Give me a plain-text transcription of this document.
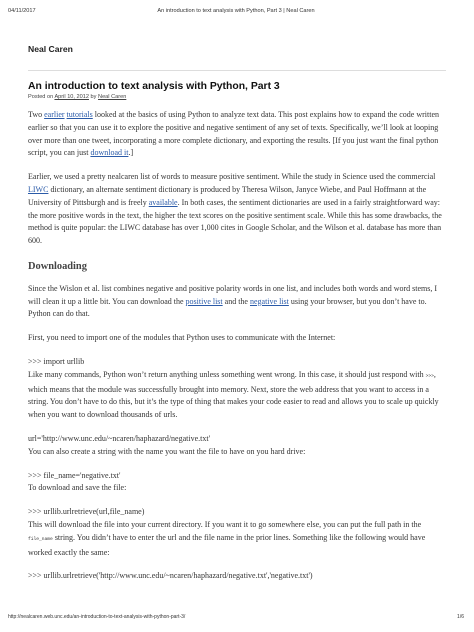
04/11/2017	An introduction to text analysis with Python, Part 3 | Neal Caren
Neal Caren
An introduction to text analysis with Python, Part 3
Posted on April 10, 2012 by Neal Caren

Two earlier tutorials looked at the basics of using Python to analyze text data. This post explains how to expand the code written earlier so that you can use it to explore the positive and negative sentiment of any set of texts. Specifically, we’ll look at looping over more than one tweet, incorporating a more complete dictionary, and exporting the results. [If you just want the final python script, you can just download it.]

Earlier, we used a pretty nealcaren list of words to measure positive sentiment. While the study in Science used the commercial LIWC dictionary, an alternate sentiment dictionary is produced by Theresa Wilson, Janyce Wiebe, and Paul Hoffmann at the University of Pittsburgh and is freely available. In both cases, the sentiment dictionaries are used in a fairly straightforward way: the more positive words in the text, the higher the text scores on the positive sentiment scale. While this has some drawbacks, the method is quite popular: the LIWC database has over 1,000 cites in Google Scholar, and the Wilson et al. database has more than 600.

Downloading

Since the Wislon et al. list combines negative and positive polarity words in one list, and includes both words and word stems, I will clean it up a little bit. You can download the positive list and the negative list using your browser, but you don’t have to. Python can do that.

First, you need to import one of the modules that Python uses to communicate with the Internet:

>>> import urllib

Like many commands, Python won’t return anything unless something went wrong. In this case, it should just respond with >>>, which means that the module was successfully brought into memory. Next, store the web address that you want to access in a string. You don’t have to do this, but it’s the type of thing that makes your code easier to read and allows you to scale up quickly when you want to download thousands of urls.

url='http://www.unc.edu/~ncaren/haphazard/negative.txt'

You can also create a string with the name you want the file to have on you hard drive:

>>> file_name='negative.txt'

To download and save the file:

>>> urllib.urlretrieve(url,file_name)

This will download the file into your current directory. If you want it to go somewhere else, you can put the full path in the file_name string. You didn’t have to enter the url and the file name in the prior lines. Something like the following would have worked exactly the same:

>>> urllib.urlretrieve('http://www.unc.edu/~ncaren/haphazard/negative.txt','negative.txt')

http://nealcaren.web.unc.edu/an-introduction-to-text-analysis-with-python-part-3/	1/6
